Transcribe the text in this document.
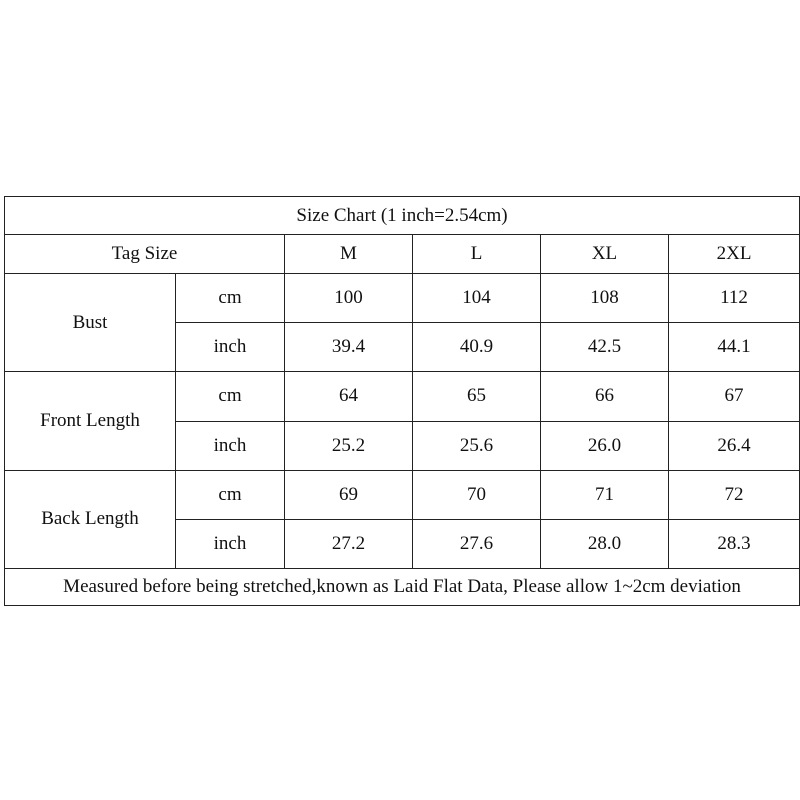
Size Chart (1 inch=2.54cm)					
Tag Size		M	L	XL	2XL
Bust	cm	100	104	108	112
	inch	39.4	40.9	42.5	44.1
Front Length	cm	64	65	66	67
	inch	25.2	25.6	26.0	26.4
Back Length	cm	69	70	71	72
	inch	27.2	27.6	28.0	28.3
Measured before being stretched,known as Laid Flat Data, Please allow 1~2cm deviation					
